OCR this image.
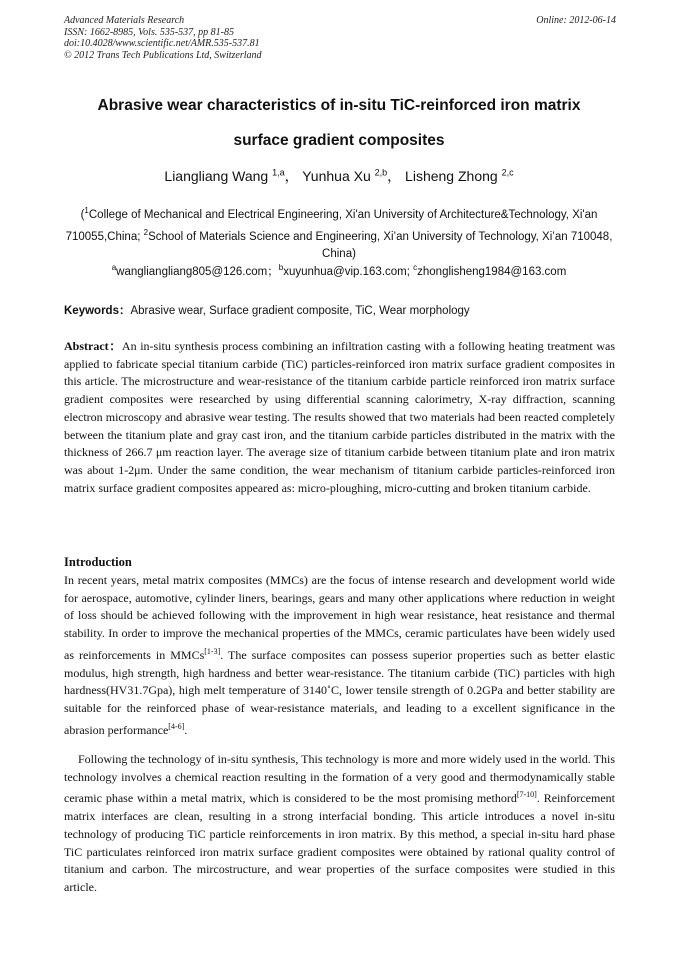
Advanced Materials Research
ISSN: 1662-8985, Vols. 535-537, pp 81-85
doi:10.4028/www.scientific.net/AMR.535-537.81
© 2012 Trans Tech Publications Ltd, Switzerland
Online: 2012-06-14
Abrasive wear characteristics of in-situ TiC-reinforced iron matrix
surface gradient composites
Liangliang Wang $^{1,a}$， Yunhua Xu $^{2,b}$， Lisheng Zhong $^{2,c}$
($^1$College of Mechanical and Electrical Engineering, Xi'an University of Architecture&Technology, Xi'an 710055,China; $^2$School of Materials Science and Engineering, Xi’an University of Technology, Xi’an 710048, China)
$^a$wangliangliang805@126.com；$^b$xuyunhua@vip.163.com; $^c$zhonglisheng1984@163.com
Keywords：Abrasive wear, Surface gradient composite, TiC, Wear morphology
Abstract：An in-situ synthesis process combining an infiltration casting with a following heating treatment was applied to fabricate special titanium carbide (TiC) particles-reinforced iron matrix surface gradient composites in this article. The microstructure and wear-resistance of the titanium carbide particle reinforced iron matrix surface gradient composites were researched by using differential scanning calorimetry, X-ray diffraction, scanning electron microscopy and abrasive wear testing. The results showed that two materials had been reacted completely between the titanium plate and gray cast iron, and the titanium carbide particles distributed in the matrix with the thickness of 266.7 μm reaction layer. The average size of titanium carbide between titanium plate and iron matrix was about 1-2μm. Under the same condition, the wear mechanism of titanium carbide particles-reinforced iron matrix surface gradient composites appeared as: micro-ploughing, micro-cutting and broken titanium carbide.
Introduction
In recent years, metal matrix composites (MMCs) are the focus of intense research and development world wide for aerospace, automotive, cylinder liners, bearings, gears and many other applications where reduction in weight of loss should be achieved following with the improvement in high wear resistance, heat resistance and thermal stability. In order to improve the mechanical properties of the MMCs, ceramic particulates have been widely used as reinforcements in MMCs[1-3]. The surface composites can possess superior properties such as better elastic modulus, high strength, high hardness and better wear-resistance. The titanium carbide (TiC) particles with high hardness(HV31.7Gpa), high melt temperature of 3140˚C, lower tensile strength of 0.2GPa and better stability are suitable for the reinforced phase of wear-resistance materials, and leading to a excellent significance in the abrasion performance[4-6].
Following the technology of in-situ synthesis, This technology is more and more widely used in the world. This technology involves a chemical reaction resulting in the formation of a very good and thermodynamically stable ceramic phase within a metal matrix, which is considered to be the most promising methord[7-10]. Reinforcement matrix interfaces are clean, resulting in a strong interfacial bonding. This article introduces a novel in-situ technology of producing TiC particle reinforcements in iron matrix. By this method, a special in-situ hard phase TiC particulates reinforced iron matrix surface gradient composites were obtained by rational quality control of titanium and carbon. The mircostructure, and wear properties of the surface composites were studied in this article.
